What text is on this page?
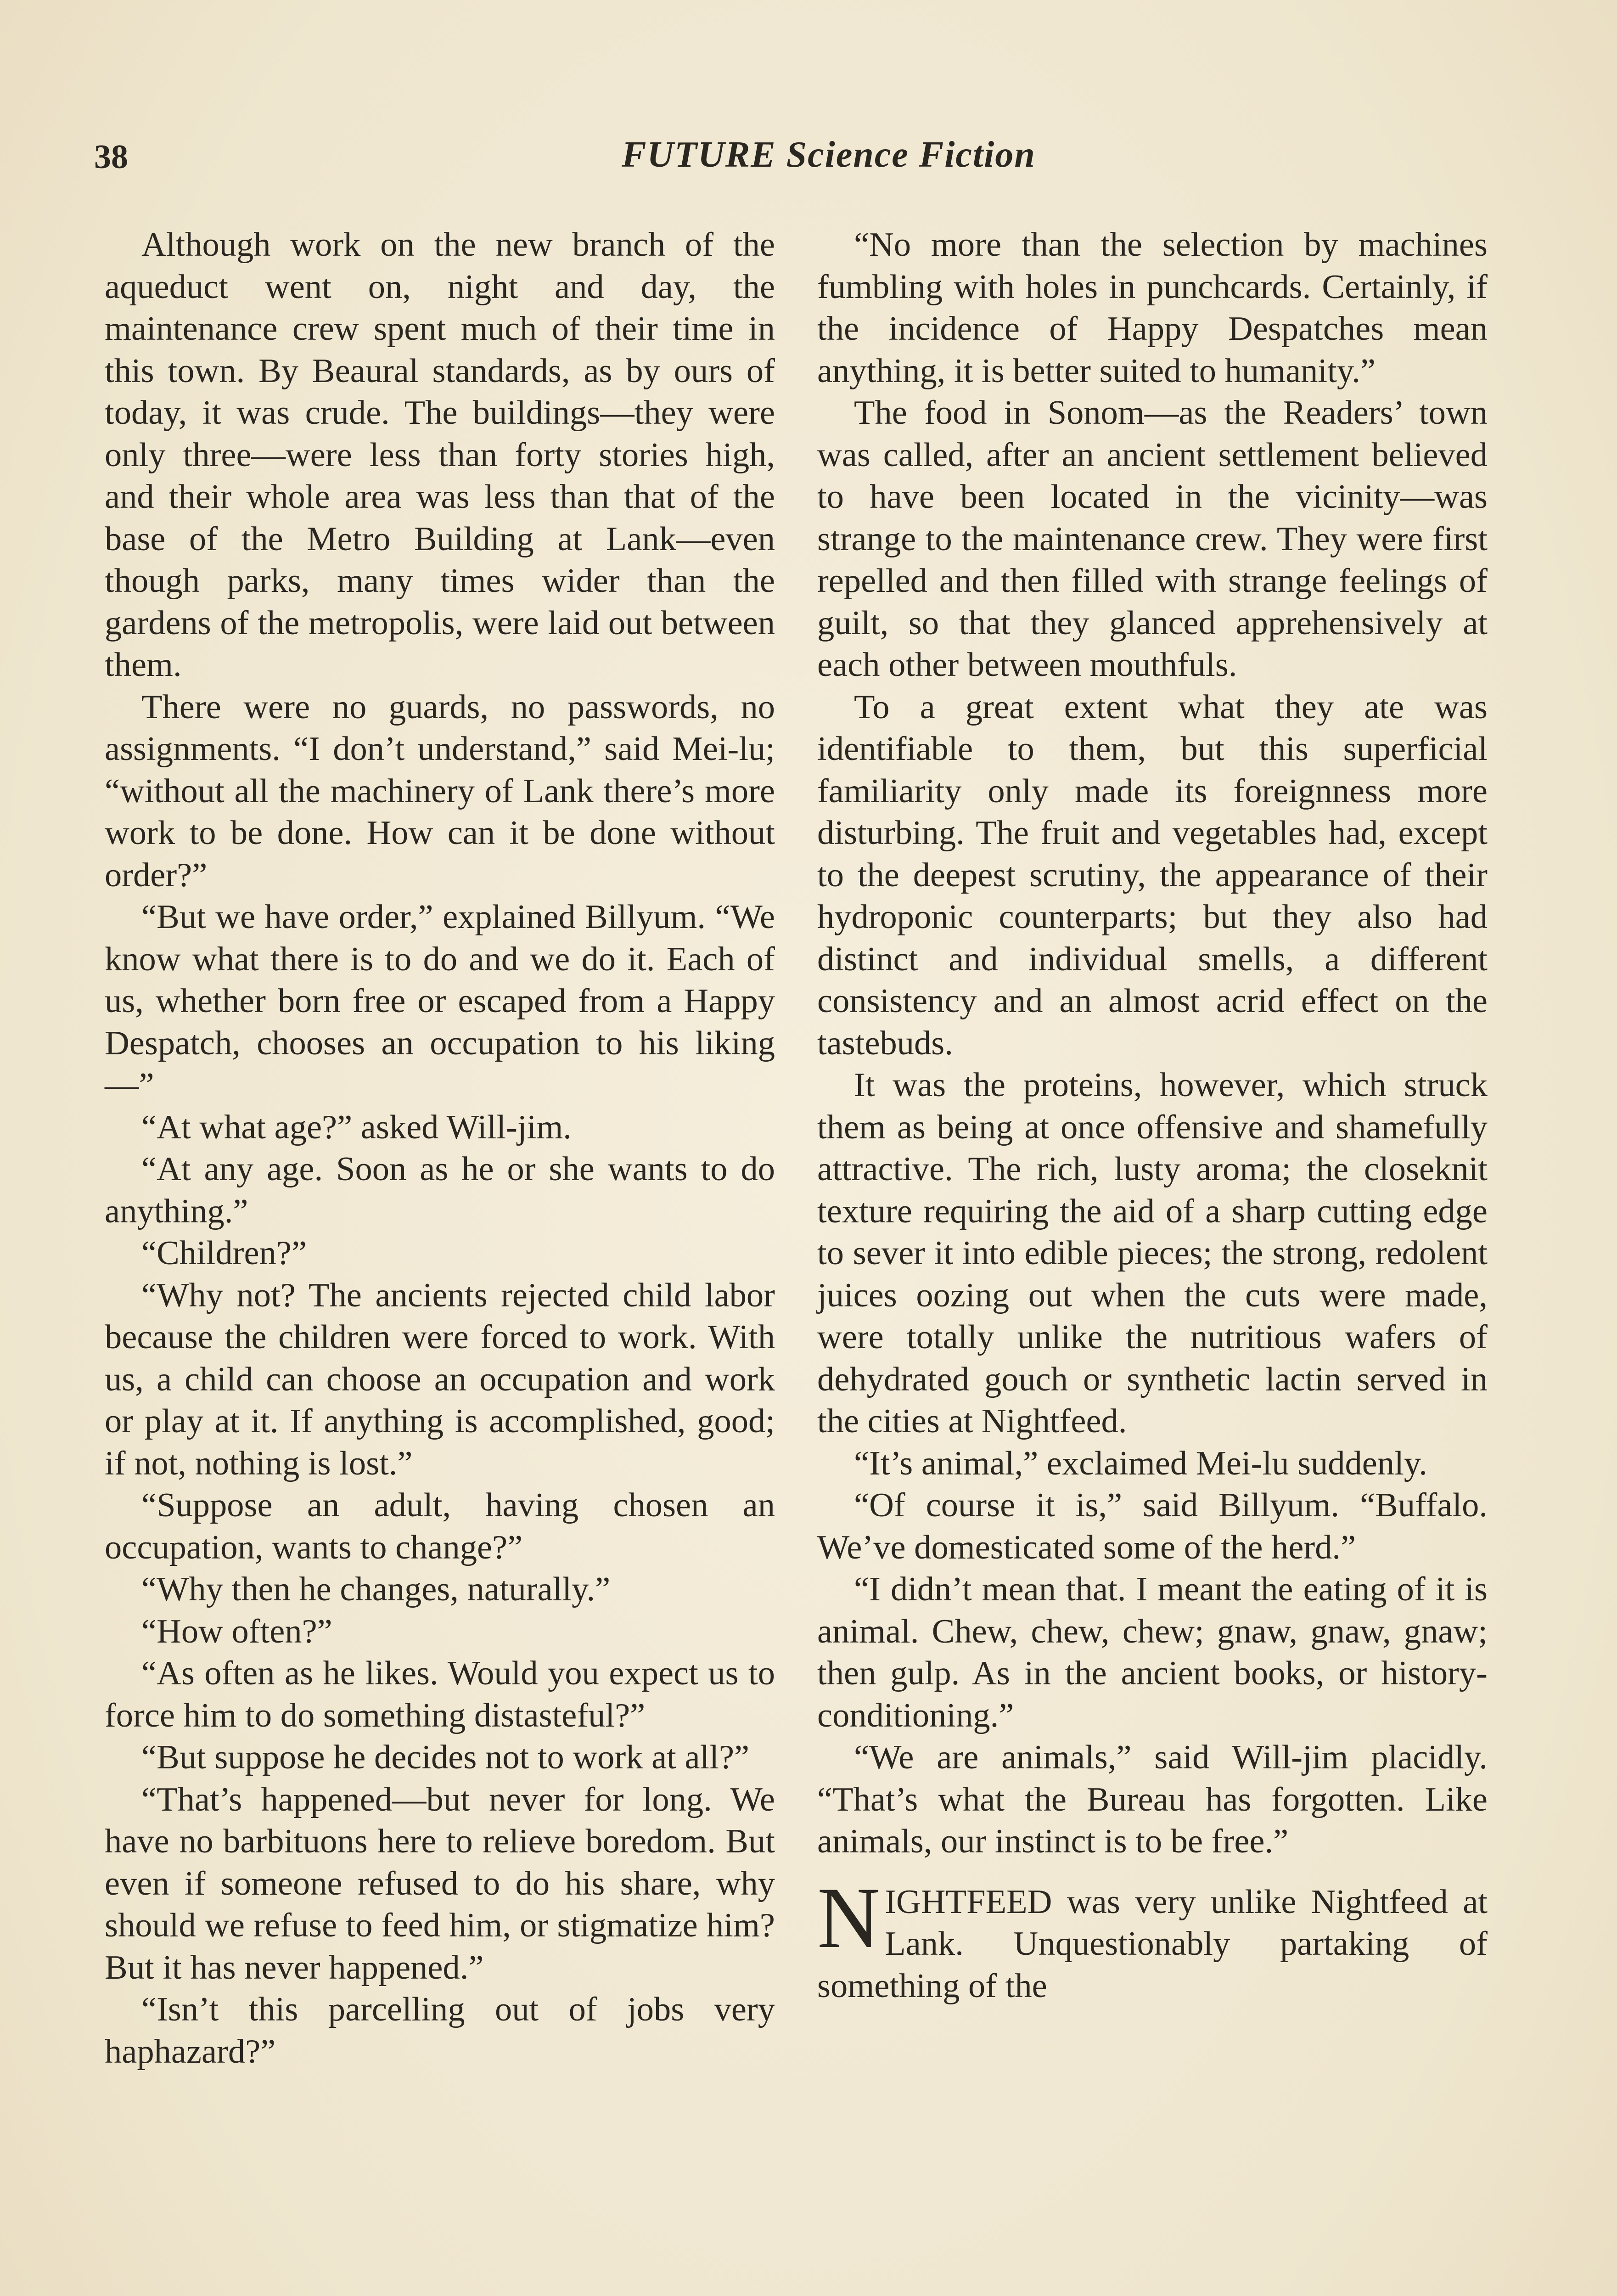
38	FUTURE Science Fiction

Although work on the new branch of the aqueduct went on, night and day, the maintenance crew spent much of their time in this town. By Beaural standards, as by ours of today, it was crude. The buildings—they were only three—were less than forty stories high, and their whole area was less than that of the base of the Metro Building at Lank—even though parks, many times wider than the gardens of the metropolis, were laid out between them.

There were no guards, no passwords, no assignments. “I don’t understand,” said Mei-lu; “without all the machinery of Lank there’s more work to be done. How can it be done without order?”

“But we have order,” explained Billyum. “We know what there is to do and we do it. Each of us, whether born free or escaped from a Happy Despatch, chooses an occupation to his liking—”

“At what age?” asked Will-jim.

“At any age. Soon as he or she wants to do anything.”

“Children?”

“Why not? The ancients rejected child labor because the children were forced to work. With us, a child can choose an occupation and work or play at it. If anything is accomplished, good; if not, nothing is lost.”

“Suppose an adult, having chosen an occupation, wants to change?”

“Why then he changes, naturally.”

“How often?”

“As often as he likes. Would you expect us to force him to do something distasteful?”

“But suppose he decides not to work at all?”

“That’s happened—but never for long. We have no barbituons here to relieve boredom. But even if someone refused to do his share, why should we refuse to feed him, or stigmatize him? But it has never happened.”

“Isn’t this parcelling out of jobs very haphazard?”

“No more than the selection by machines fumbling with holes in punchcards. Certainly, if the incidence of Happy Despatches mean anything, it is better suited to humanity.”

The food in Sonom—as the Readers’ town was called, after an ancient settlement believed to have been located in the vicinity—was strange to the maintenance crew. They were first repelled and then filled with strange feelings of guilt, so that they glanced apprehensively at each other between mouthfuls.

To a great extent what they ate was identifiable to them, but this superficial familiarity only made its foreignness more disturbing. The fruit and vegetables had, except to the deepest scrutiny, the appearance of their hydroponic counterparts; but they also had distinct and individual smells, a different consistency and an almost acrid effect on the tastebuds.

It was the proteins, however, which struck them as being at once offensive and shamefully attractive. The rich, lusty aroma; the closeknit texture requiring the aid of a sharp cutting edge to sever it into edible pieces; the strong, redolent juices oozing out when the cuts were made, were totally unlike the nutritious wafers of dehydrated gouch or synthetic lactin served in the cities at Nightfeed.

“It’s animal,” exclaimed Mei-lu suddenly.

“Of course it is,” said Billyum. “Buffalo. We’ve domesticated some of the herd.”

“I didn’t mean that. I meant the eating of it is animal. Chew, chew, chew; gnaw, gnaw, gnaw; then gulp. As in the ancient books, or history-conditioning.”

“We are animals,” said Will-jim placidly. “That’s what the Bureau has forgotten. Like animals, our instinct is to be free.”

N IGHTFEED was very unlike Nightfeed at Lank. Unquestionably partaking of something of the
